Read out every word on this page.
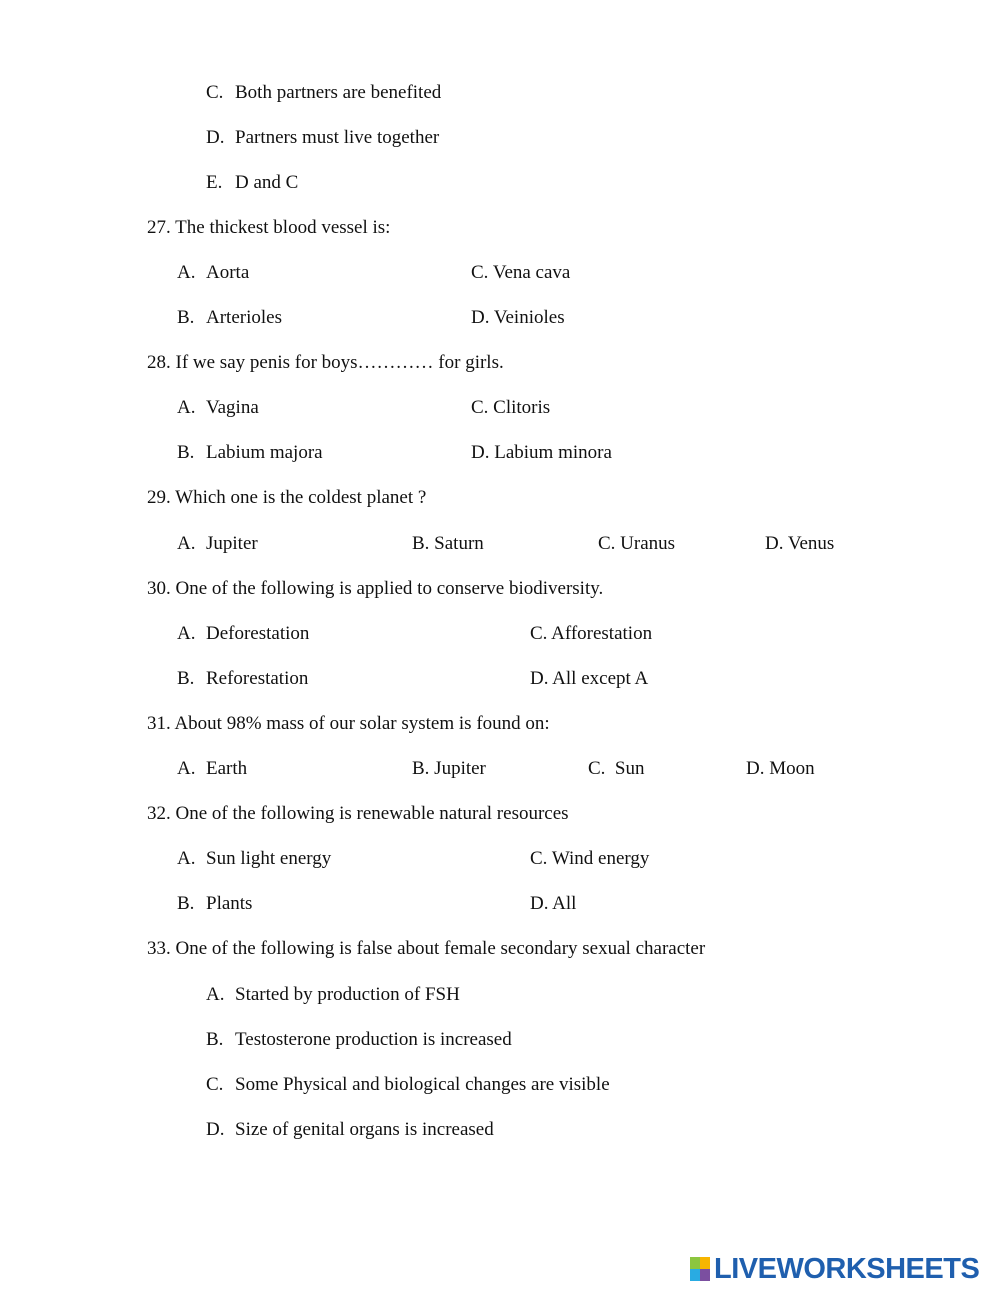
C. Both partners are benefited
D. Partners must live together
E. D and C
27. The thickest blood vessel is:
A. Aorta	C. Vena cava
B. Arterioles	D. Veinioles
28. If we say penis for boys………… for girls.
A. Vagina	C. Clitoris
B. Labium majora	D. Labium minora
29. Which one is the coldest planet ?
A. Jupiter	B. Saturn	C. Uranus	D. Venus
30. One of the following is applied to conserve biodiversity.
A. Deforestation	C. Afforestation
B. Reforestation	D. All except A
31. About 98% mass of our solar system is found on:
A. Earth	B. Jupiter	C.  Sun	D. Moon
32. One of the following is renewable natural resources
A. Sun light energy	C. Wind energy
B. Plants	D. All
33. One of the following is false about female secondary sexual character
A. Started by production of FSH
B. Testosterone production is increased
C. Some Physical and biological changes are visible
D. Size of genital organs is increased
LIVEWORKSHEETS
